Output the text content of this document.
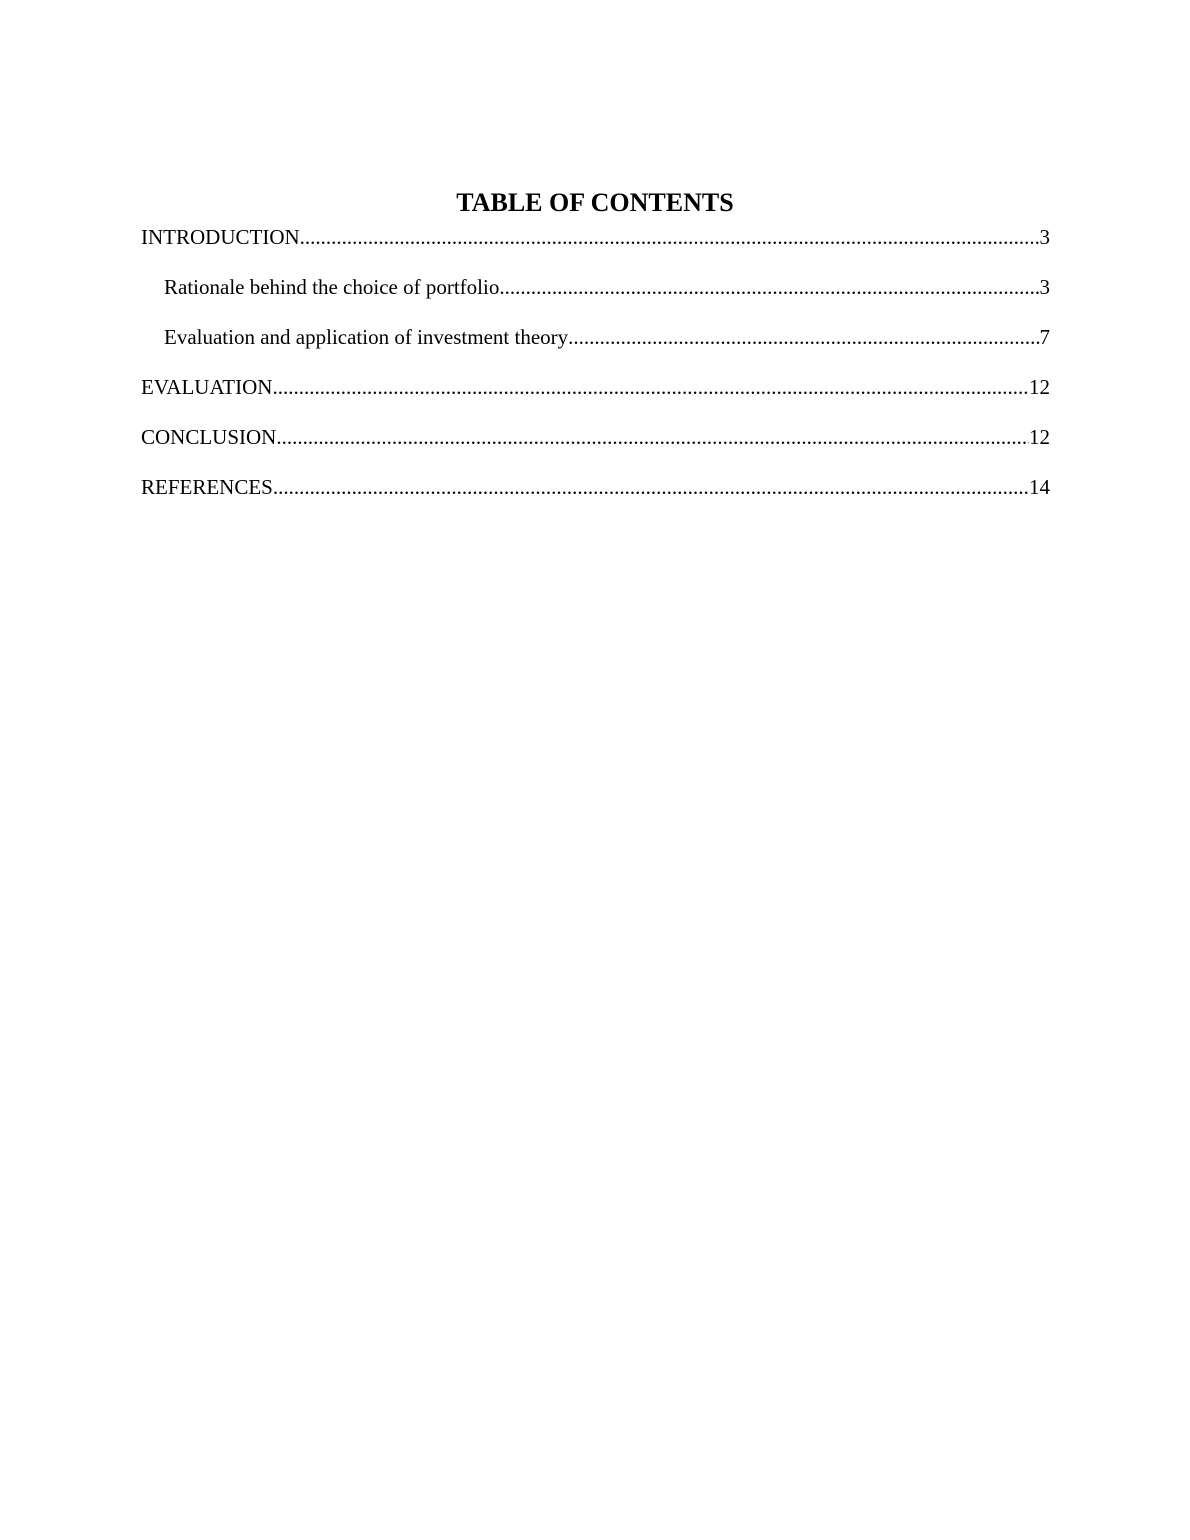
TABLE OF CONTENTS
INTRODUCTION .....	3
Rationale behind the choice of portfolio .....	3
Evaluation and application of investment theory .....	7
EVALUATION .....	12
CONCLUSION .....	12
REFERENCES .....	14
